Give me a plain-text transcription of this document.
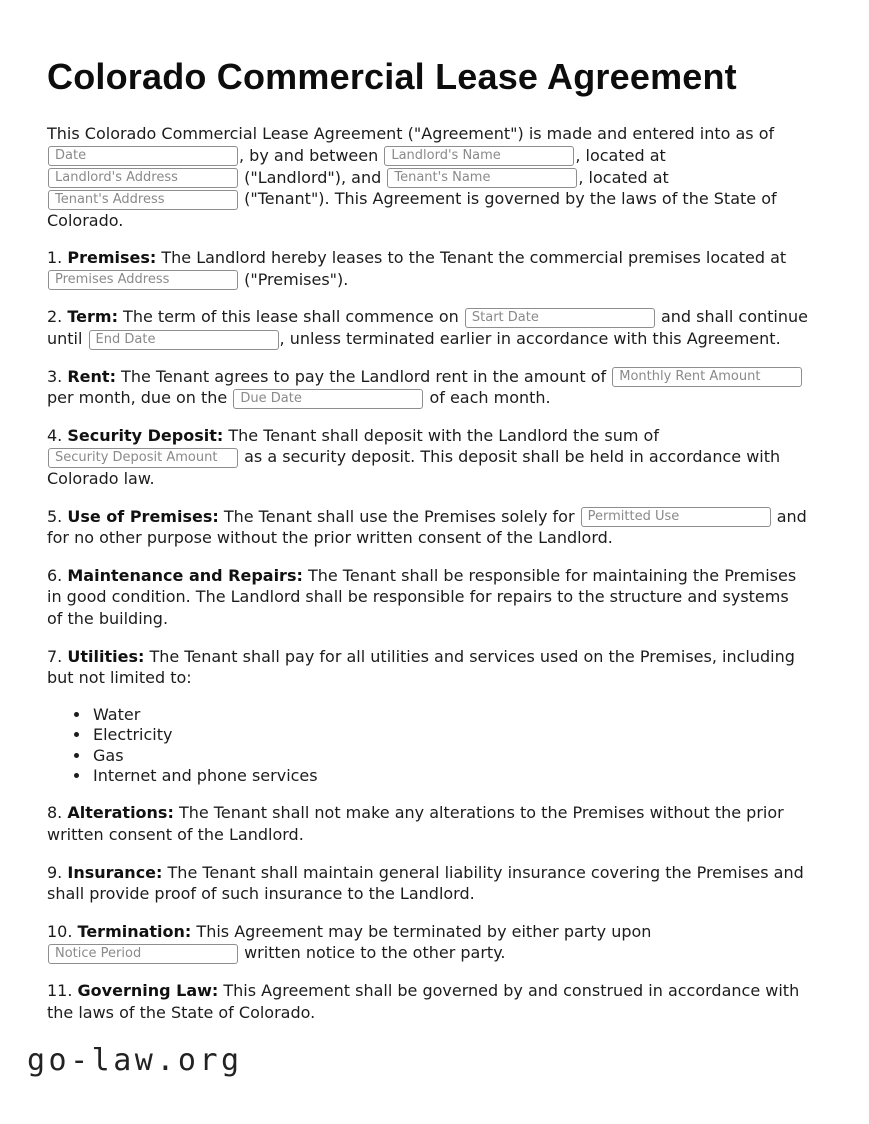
Colorado Commercial Lease Agreement

This Colorado Commercial Lease Agreement ("Agreement") is made and entered into as of Date, by and between Landlord's Name	, located at Landlord's Address ("Landlord"), and Tenant's Name	, located at Tenant's Address ("Tenant"). This Agreement is governed by the laws of the State of Colorado.

1. Premises: The Landlord hereby leases to the Tenant the commercial premises located at Premises Address ("Premises").

2. Term: The term of this lease shall commence on Start Date	and shall continue until End Date	, unless terminated earlier in accordance with this Agreement.

3. Rent: The Tenant agrees to pay the Landlord rent in the amount of Monthly Rent Amount per month, due on the Due Date	of each month.

4. Security Deposit: The Tenant shall deposit with the Landlord the sum of Security Deposit Amount as a security deposit. This deposit shall be held in accordance with Colorado law.

5. Use of Premises: The Tenant shall use the Premises solely for Permitted Use	and for no other purpose without the prior written consent of the Landlord.

6. Maintenance and Repairs: The Tenant shall be responsible for maintaining the Premises in good condition. The Landlord shall be responsible for repairs to the structure and systems of the building.

7. Utilities: The Tenant shall pay for all utilities and services used on the Premises, including but not limited to:

• Water
• Electricity
• Gas
• Internet and phone services

8. Alterations: The Tenant shall not make any alterations to the Premises without the prior written consent of the Landlord.

9. Insurance: The Tenant shall maintain general liability insurance covering the Premises and shall provide proof of such insurance to the Landlord.

10. Termination: This Agreement may be terminated by either party upon Notice Period written notice to the other party.

11. Governing Law: This Agreement shall be governed by and construed in accordance with the laws of the State of Colorado.

go-law.org
